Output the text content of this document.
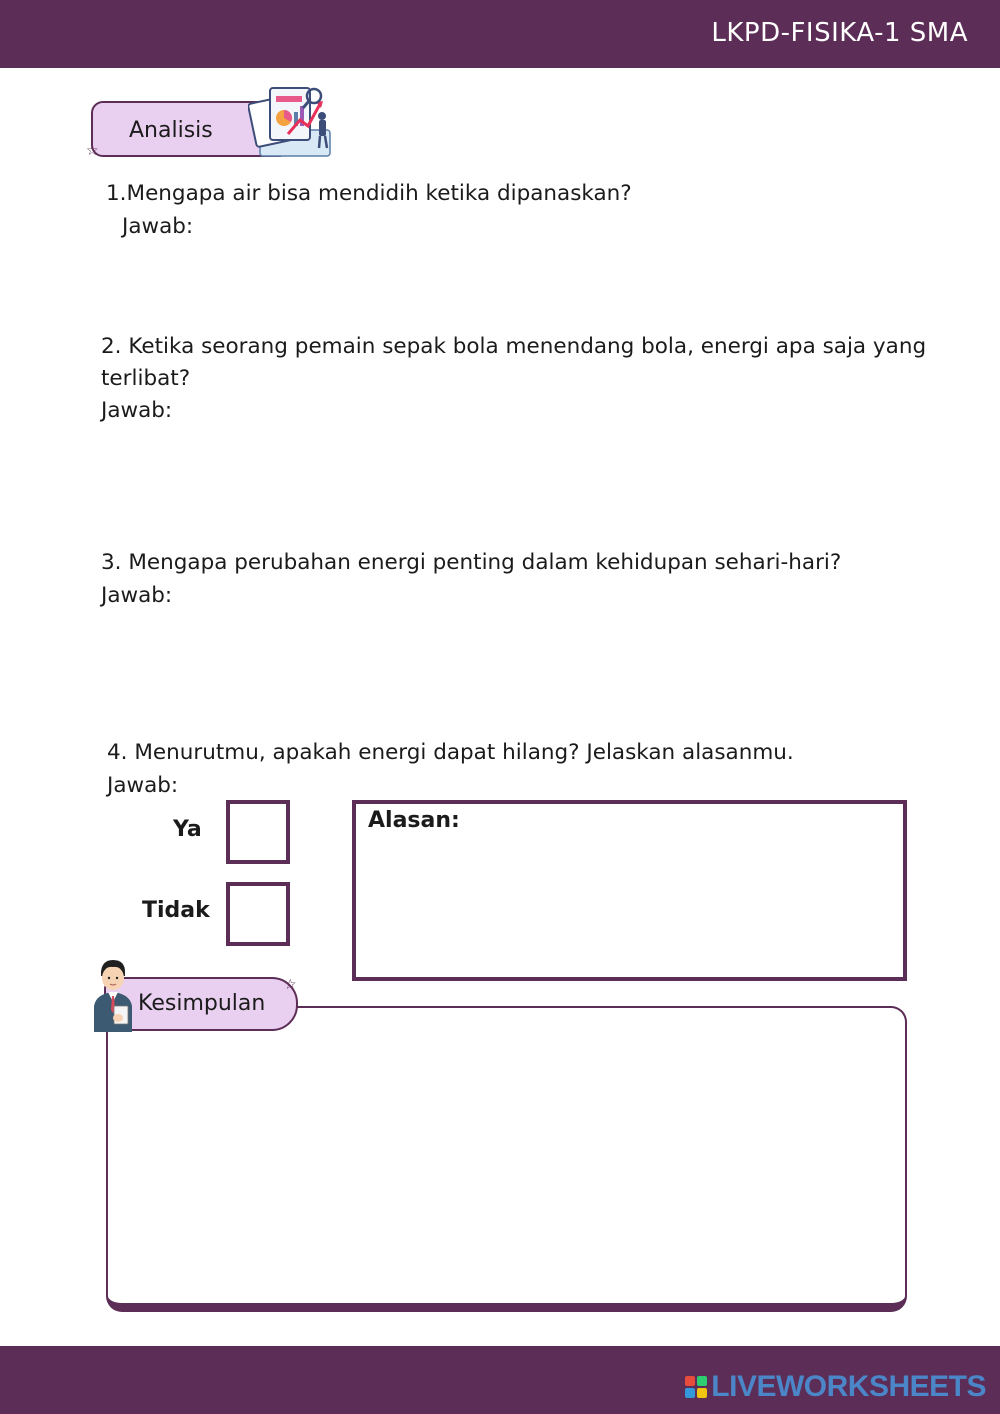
LKPD-FISIKA-1 SMA
Analisis
☆
1.Mengapa air bisa mendidih ketika dipanaskan?
Jawab:
2. Ketika seorang pemain sepak bola menendang bola, energi apa saja yang
terlibat?
Jawab:
3. Mengapa perubahan energi penting dalam kehidupan sehari-hari?
Jawab:
4. Menurutmu, apakah energi dapat hilang? Jelaskan alasanmu.
Jawab:
Ya
Tidak
Alasan:
Kesimpulan
☆
LIVEWORKSHEETS
